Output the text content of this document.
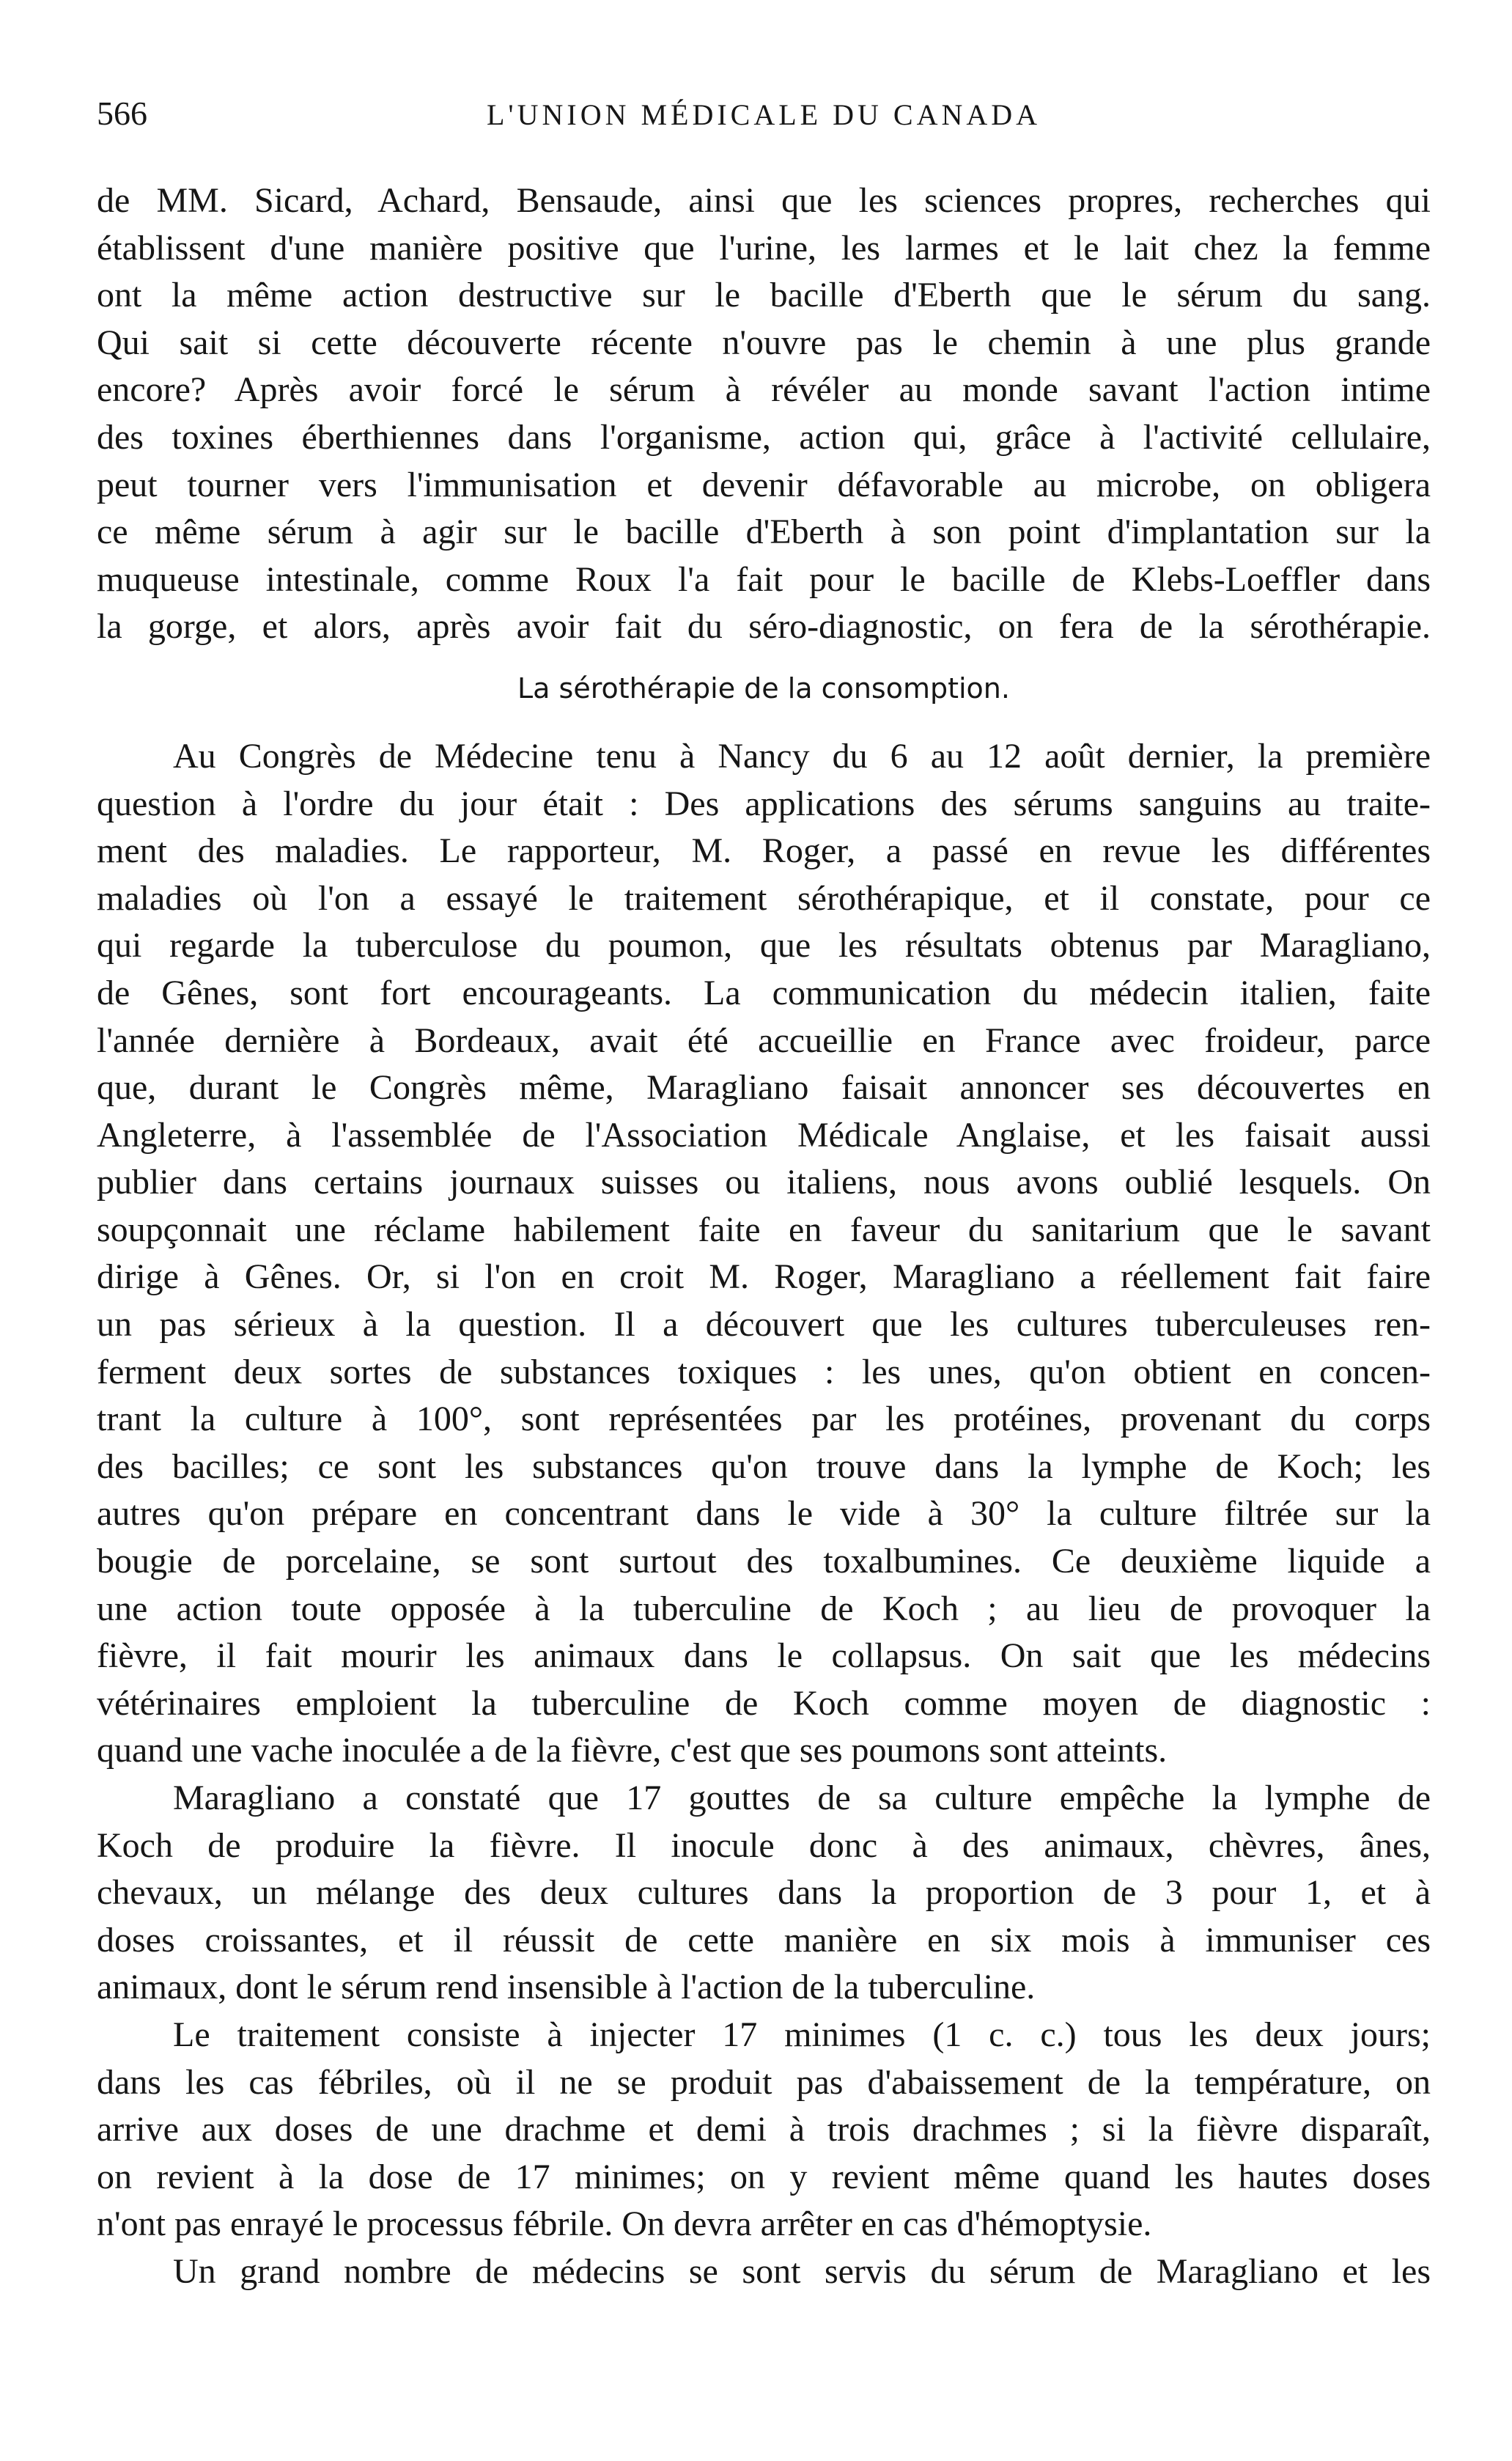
566	L'UNION MÉDICALE DU CANADA

de MM. Sicard, Achard, Bensaude, ainsi que les sciences propres, recherches qui
établissent d'une manière positive que l'urine, les larmes et le lait chez la femme
ont la même action destructive sur le bacille d'Eberth que le sérum du sang.
Qui sait si cette découverte récente n'ouvre pas le chemin à une plus grande
encore? Après avoir forcé le sérum à révéler au monde savant l'action intime
des toxines éberthiennes dans l'organisme, action qui, grâce à l'activité cellulaire,
peut tourner vers l'immunisation et devenir défavorable au microbe, on obligera
ce même sérum à agir sur le bacille d'Eberth à son point d'implantation sur la
muqueuse intestinale, comme Roux l'a fait pour le bacille de Klebs-Loeffler dans
la gorge, et alors, après avoir fait du séro-diagnostic, on fera de la sérothérapie.

La sérothérapie de la consomption.

Au Congrès de Médecine tenu à Nancy du 6 au 12 août dernier, la première
question à l'ordre du jour était : Des applications des sérums sanguins au traite-
ment des maladies. Le rapporteur, M. Roger, a passé en revue les différentes
maladies où l'on a essayé le traitement sérothérapique, et il constate, pour ce
qui regarde la tuberculose du poumon, que les résultats obtenus par Maragliano,
de Gênes, sont fort encourageants. La communication du médecin italien, faite
l'année dernière à Bordeaux, avait été accueillie en France avec froideur, parce
que, durant le Congrès même, Maragliano faisait annoncer ses découvertes en
Angleterre, à l'assemblée de l'Association Médicale Anglaise, et les faisait aussi
publier dans certains journaux suisses ou italiens, nous avons oublié lesquels. On
soupçonnait une réclame habilement faite en faveur du sanitarium que le savant
dirige à Gênes. Or, si l'on en croit M. Roger, Maragliano a réellement fait faire
un pas sérieux à la question. Il a découvert que les cultures tuberculeuses ren-
ferment deux sortes de substances toxiques : les unes, qu'on obtient en concen-
trant la culture à 100°, sont représentées par les protéines, provenant du corps
des bacilles; ce sont les substances qu'on trouve dans la lymphe de Koch; les
autres qu'on prépare en concentrant dans le vide à 30° la culture filtrée sur la
bougie de porcelaine, se sont surtout des toxalbumines. Ce deuxième liquide a
une action toute opposée à la tuberculine de Koch ; au lieu de provoquer la
fièvre, il fait mourir les animaux dans le collapsus. On sait que les médecins
vétérinaires emploient la tuberculine de Koch comme moyen de diagnostic :
quand une vache inoculée a de la fièvre, c'est que ses poumons sont atteints.

Maragliano a constaté que 17 gouttes de sa culture empêche la lymphe de
Koch de produire la fièvre. Il inocule donc à des animaux, chèvres, ânes,
chevaux, un mélange des deux cultures dans la proportion de 3 pour 1, et à
doses croissantes, et il réussit de cette manière en six mois à immuniser ces
animaux, dont le sérum rend insensible à l'action de la tuberculine.

Le traitement consiste à injecter 17 minimes (1 c. c.) tous les deux jours;
dans les cas fébriles, où il ne se produit pas d'abaissement de la température, on
arrive aux doses de une drachme et demi à trois drachmes ; si la fièvre disparaît,
on revient à la dose de 17 minimes; on y revient même quand les hautes doses
n'ont pas enrayé le processus fébrile. On devra arrêter en cas d'hémoptysie.

Un grand nombre de médecins se sont servis du sérum de Maragliano et les
